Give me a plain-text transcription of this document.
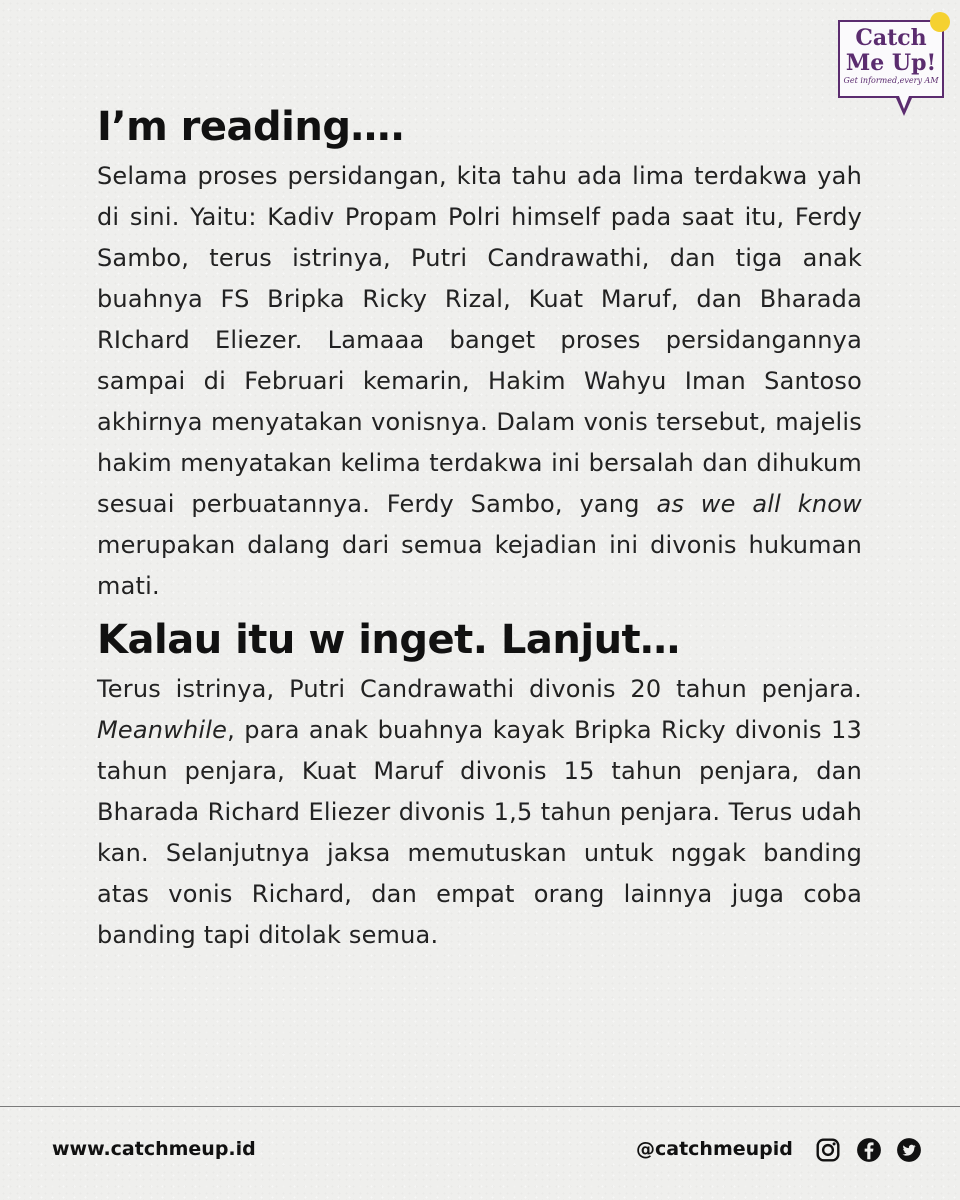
Catch
Me Up!
Get informed,every AM
I’m reading….

Selama proses persidangan, kita tahu ada lima terdakwa yah di sini. Yaitu: Kadiv Propam Polri himself pada saat itu, Ferdy Sambo, terus istrinya, Putri Candrawathi, dan tiga anak buahnya FS Bripka Ricky Rizal, Kuat Maruf, dan Bharada RIchard Eliezer. Lamaaa banget proses persidangannya sampai di Februari kemarin, Hakim Wahyu Iman Santoso akhirnya menyatakan vonisnya. Dalam vonis tersebut, majelis hakim menyatakan kelima terdakwa ini bersalah dan dihukum sesuai perbuatannya. Ferdy Sambo, yang as we all know merupakan dalang dari semua kejadian ini divonis hukuman mati.

Kalau itu w inget. Lanjut…

Terus istrinya, Putri Candrawathi divonis 20 tahun penjara. Meanwhile, para anak buahnya kayak Bripka Ricky divonis 13 tahun penjara, Kuat Maruf divonis 15 tahun penjara, dan Bharada Richard Eliezer divonis 1,5 tahun penjara. Terus udah kan. Selanjutnya jaksa memutuskan untuk nggak banding atas vonis Richard, dan empat orang lainnya juga coba banding tapi ditolak semua.

www.catchmeup.id	@catchmeupid
